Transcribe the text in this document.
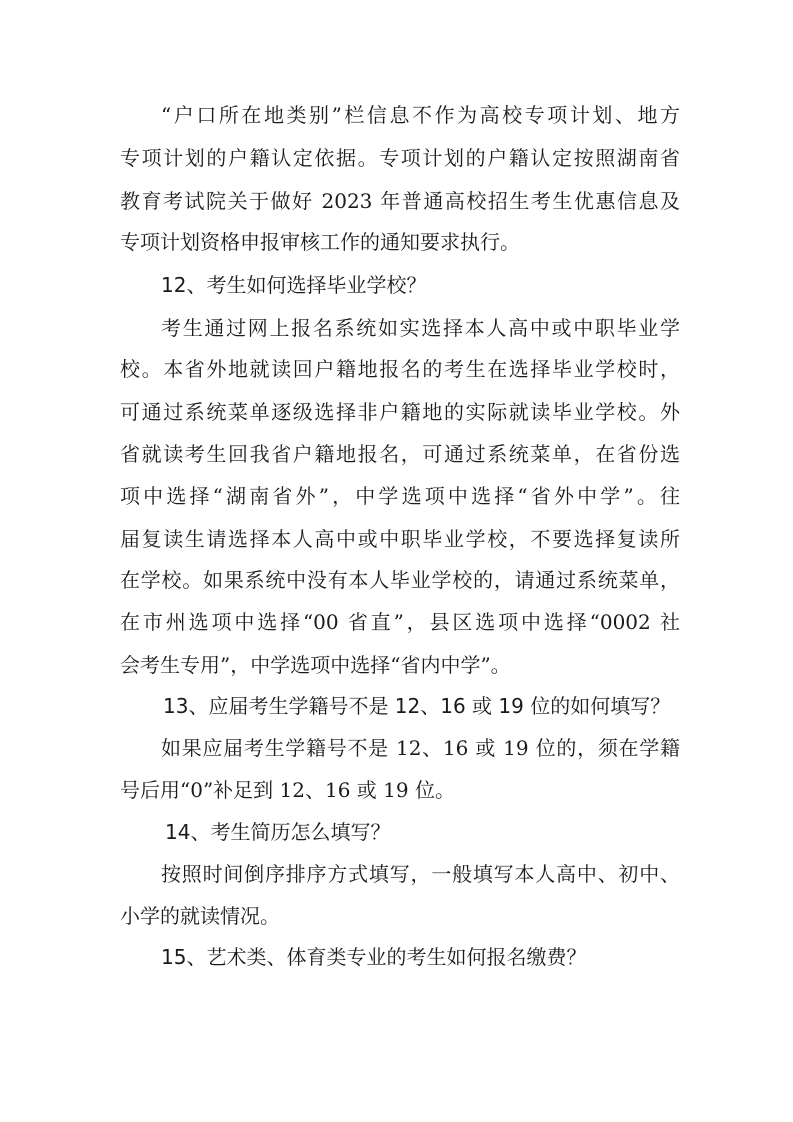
“户口所在地类别”栏信息不作为高校专项计划、地方
专项计划的户籍认定依据。专项计划的户籍认定按照湖南省
教育考试院关于做好 2023 年普通高校招生考生优惠信息及
专项计划资格申报审核工作的通知要求执行。
12、考生如何选择毕业学校？
考生通过网上报名系统如实选择本人高中或中职毕业学
校。本省外地就读回户籍地报名的考生在选择毕业学校时，
可通过系统菜单逐级选择非户籍地的实际就读毕业学校。外
省就读考生回我省户籍地报名，可通过系统菜单，在省份选
项中选择“湖南省外”，中学选项中选择“省外中学”。往
届复读生请选择本人高中或中职毕业学校，不要选择复读所
在学校。如果系统中没有本人毕业学校的，请通过系统菜单，
在市州选项中选择“00 省直”，县区选项中选择“0002 社
会考生专用”，中学选项中选择“省内中学”。
13、应届考生学籍号不是 12、16 或 19 位的如何填写？
如果应届考生学籍号不是 12、16 或 19 位的，须在学籍
号后用“0”补足到 12、16 或 19 位。
14、考生简历怎么填写？
按照时间倒序排序方式填写，一般填写本人高中、初中、
小学的就读情况。
15、艺术类、体育类专业的考生如何报名缴费？
